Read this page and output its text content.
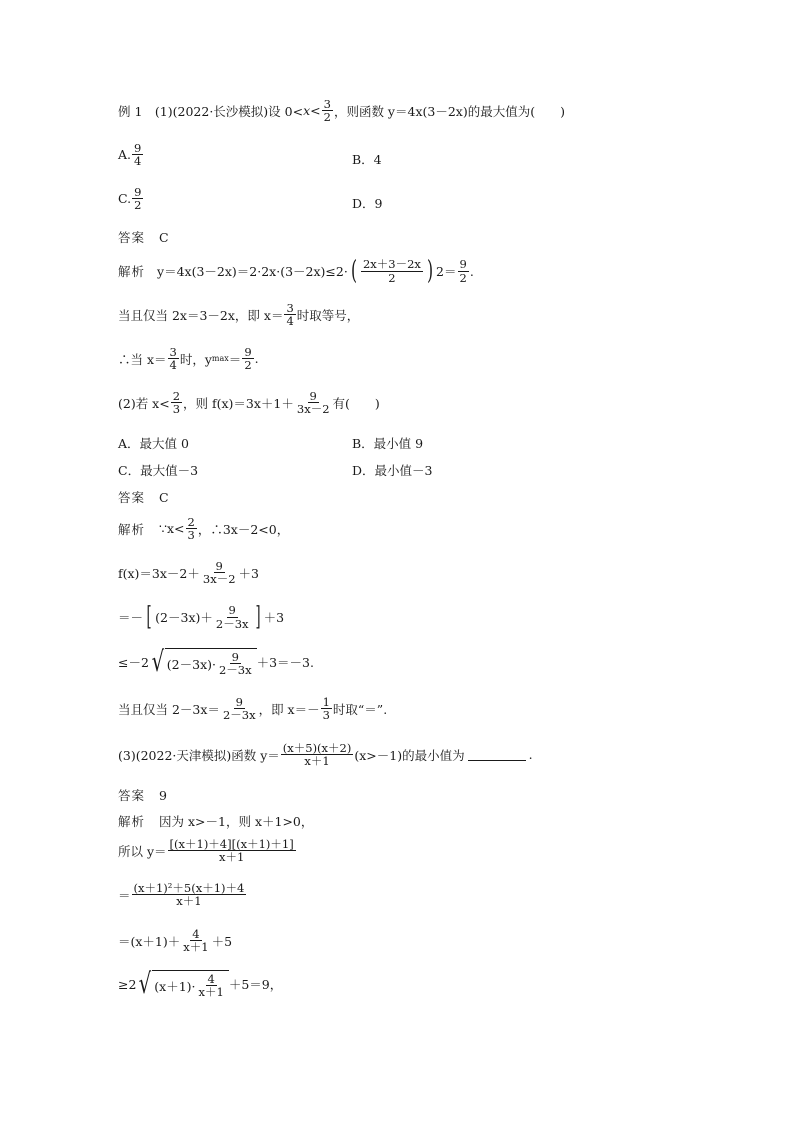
例 1　(1)(2022·长沙模拟)设 $0< x < \frac{3}{2}$ ，则函数 y＝4x(3－2x)的最大值为(　　)
A. $\frac{9}{4}$	B．4
C. $\frac{9}{2}$	D．9
答案 C
解析 y＝4x(3－2x)＝2·2x·(3－2x)≤2· ( $\frac{2x+3-2x}{2}$ ) $2= \frac{9}{2}$ .
当且仅当 2x＝3－2x，即 $x= \frac{3}{4}$ 时取等号，
∴当 $x= \frac{3}{4}$ 时，y $\max = \frac{9}{2}$ .
(2)若 $x< \frac{2}{3}$ ，则 $f(x)=3x+1+ \frac{9}{3x-2}$ 有(　　)
A．最大值 0	B．最小值 9
C．最大值－3	D．最小值－3
答案 C
解析 ∵x< $\frac{2}{3}$ ，∴3x－2<0，
$f(x)=3x-2+ \frac{9}{3x-2} +3$
＝－ [ $(2-3x)+ \frac{9}{2-3x}$ ] ＋3
≤－2 √ $(2-3x)\cdot \frac{9}{2-3x} +3=-3$.
当且仅当 $2-3x= \frac{9}{2-3x}$ ，即 $x=- \frac{1}{3}$ 时取“＝”.
(3)(2022·天津模拟)函数 $y= \frac{(x+5)(x+2)}{x+1} (x>-1)$的最小值为	.
答案 9
解析 因为 x>－1，则 x＋1>0，
所以 $y= \frac{[(x+1)+4][(x+1)+1]}{x+1}$
＝ $\frac{\text{(x＋1)²＋5(x＋1)＋4}}{x+1}$
$=(x+1)+ \frac{4}{x+1} +5$
≥2 √ $(x+1)\cdot \frac{4}{x+1} +5=9$，
